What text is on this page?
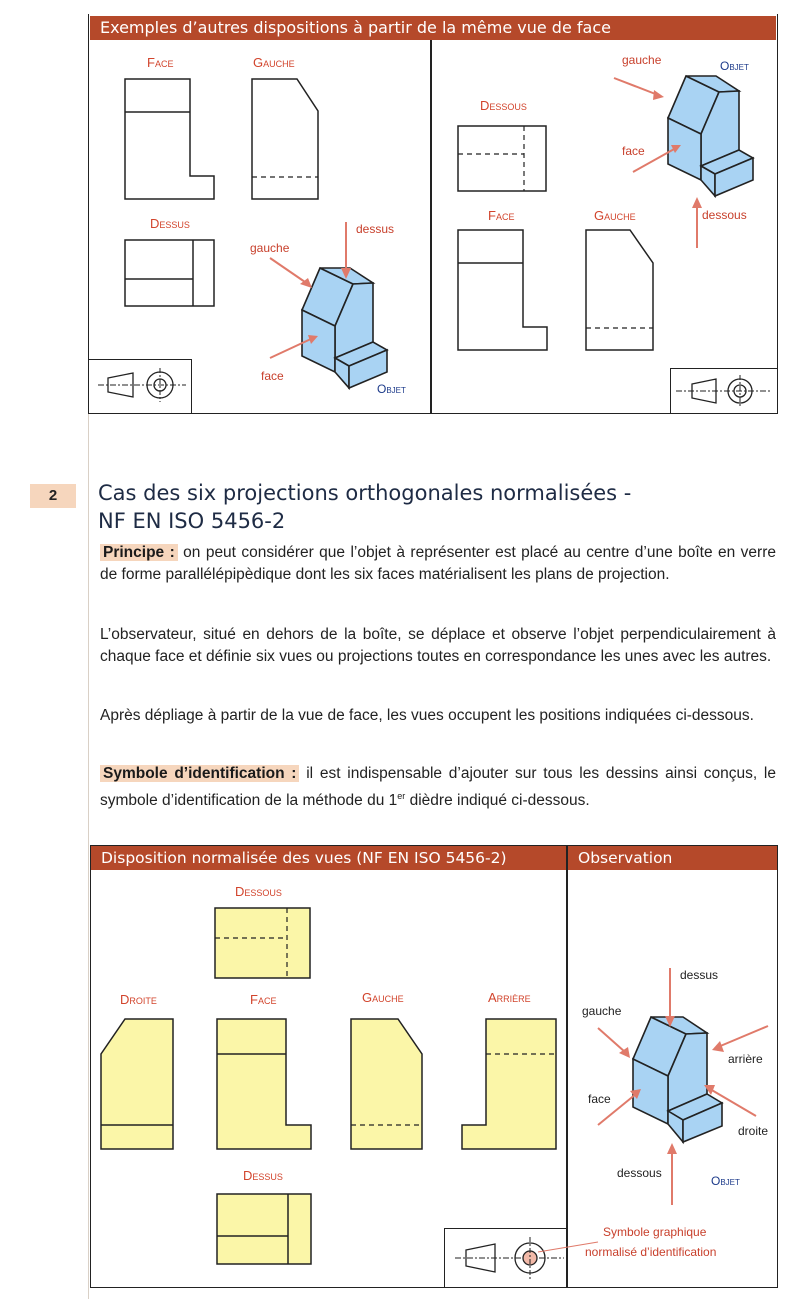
Exemples d’autres dispositions à partir de la même vue de face
Face	Gauche
Dessus
gauche
dessus
face
Objet
gauche	Objet
Dessous
face
Face	Gauche	dessous
2	Cas des six projections orthogonales normalisées -
NF EN ISO 5456-2

Principe : on peut considérer que l’objet à représenter est placé au centre d’une boîte en verre de forme parallélépipèdique dont les six faces matérialisent les plans de projection.

L’observateur, situé en dehors de la boîte, se déplace et observe l’objet perpendiculairement à chaque face et définie six vues ou projections toutes en correspondance les unes avec les autres.

Après dépliage à partir de la vue de face, les vues occupent les positions indiquées ci-dessous.

Symbole d’identification : il est indispensable d’ajouter sur tous les dessins ainsi conçus, le symbole d’identification de la méthode du 1er dièdre indiqué ci-dessous.

Disposition normalisée des vues (NF EN ISO 5456-2)	Observation
Dessous
Droite	Face	Gauche	Arrière
Dessus
dessus
gauche
arrière
face
droite
dessous
Objet
Symbole graphique
normalisé d’identification
